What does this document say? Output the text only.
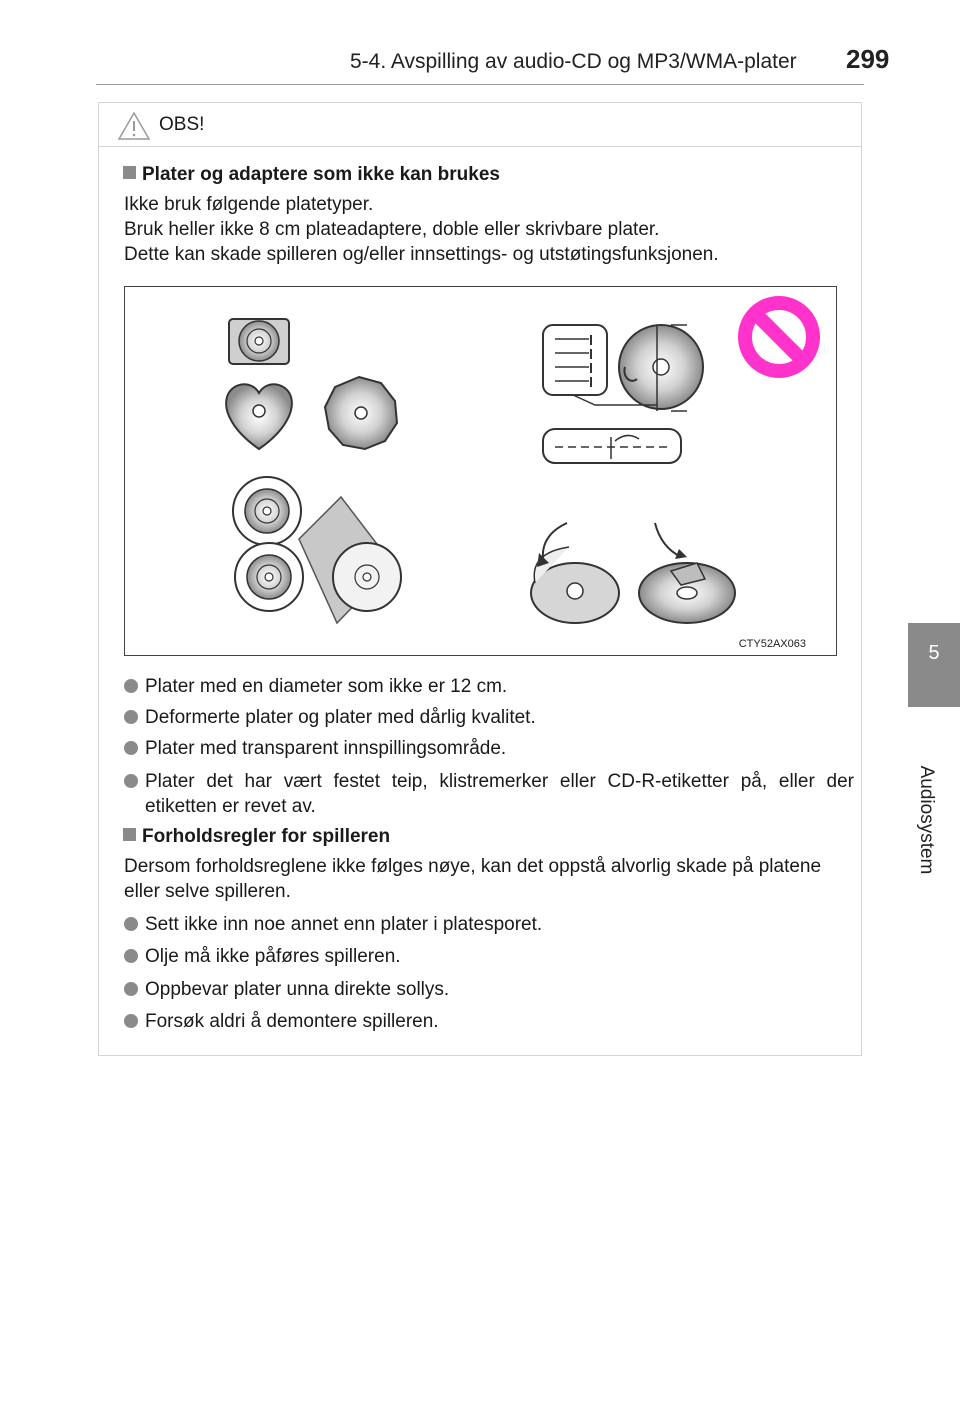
5-4. Avspilling av audio-CD og MP3/WMA-plater 299
5
Audiosystem
OBS!
Plater og adaptere som ikke kan brukes
Ikke bruk følgende platetyper.
Bruk heller ikke 8 cm plateadaptere, doble eller skrivbare plater.
Dette kan skade spilleren og/eller innsettings- og utstøtingsfunksjonen.
CTY52AX063
Plater med en diameter som ikke er 12 cm.
Deformerte plater og plater med dårlig kvalitet.
Plater med transparent innspillingsområde.
Plater det har vært festet teip, klistremerker eller CD-R-etiketter på, eller der etiketten er revet av.
Forholdsregler for spilleren
Dersom forholdsreglene ikke følges nøye, kan det oppstå alvorlig skade på platene eller selve spilleren.
Sett ikke inn noe annet enn plater i platesporet.
Olje må ikke påføres spilleren.
Oppbevar plater unna direkte sollys.
Forsøk aldri å demontere spilleren.
